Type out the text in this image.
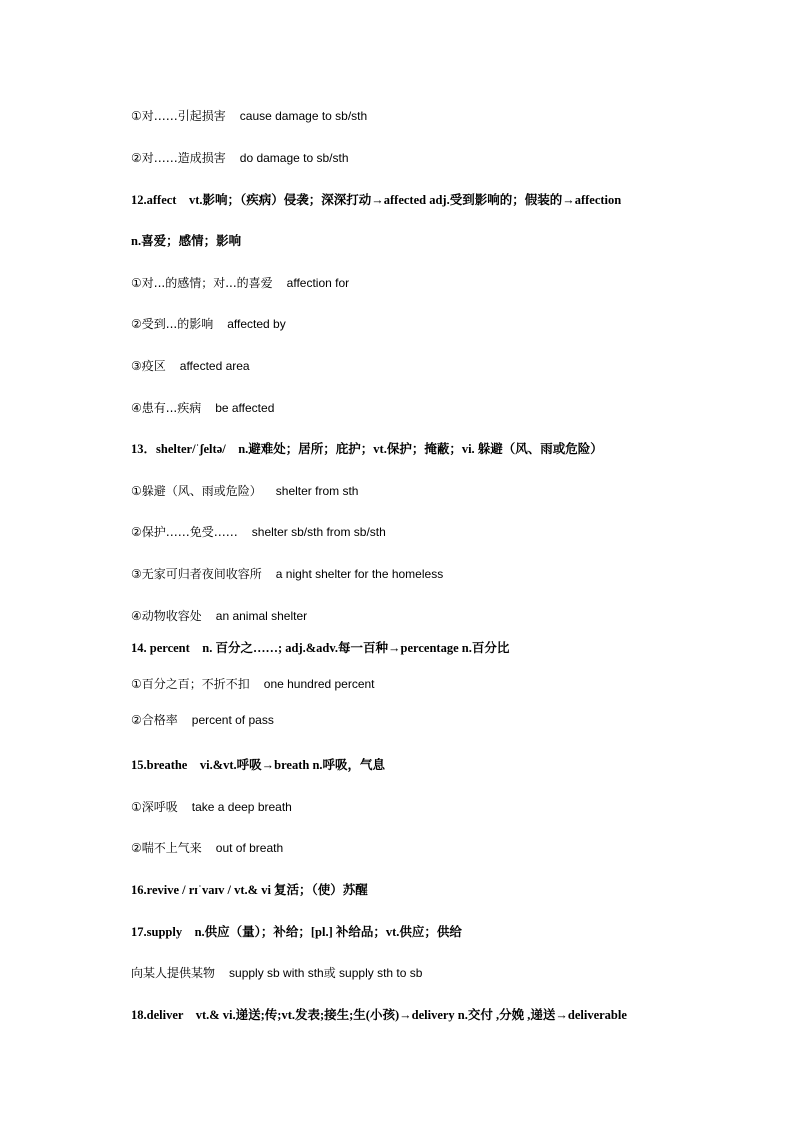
①对……引起损害 cause damage to sb/sth
②对……造成损害 do damage to sb/sth
12.affect　vt.影响；（疾病）侵袭；深深打动→affected adj.受到影响的；假装的→affection
n.喜爱；感情；影响
①对...的感情；对...的喜爱 affection for
②受到...的影响 affected by
③疫区 affected area
④患有...疾病 be affected
13．shelter/ˈʃeltə/　n.避难处；居所；庇护；vt.保护；掩蔽；vi. 躲避（风、雨或危险）
①躲避（风、雨或危险） shelter from sth
②保护……免受…… shelter sb/sth from sb/sth
③无家可归者夜间收容所 a night shelter for the homeless
④动物收容处 an animal shelter
14. percent　n. 百分之……; adj.&adv.每一百种→percentage n.百分比
①百分之百；不折不扣 one hundred percent
②合格率 percent of pass
15.breathe　vi.&vt.呼吸→breath n.呼吸，气息
①深呼吸 take a deep breath
②喘不上气来 out of breath
16.revive / rɪˈvaɪv / vt.& vi 复活；（使）苏醒
17.supply　n.供应（量）；补给；[pl.] 补给品；vt.供应；供给
向某人提供某物 supply sb with sth或 supply sth to sb
18.deliver　vt.& vi.递送;传;vt.发表;接生;生(小孩)→delivery n.交付 ,分娩 ,递送→deliverable
